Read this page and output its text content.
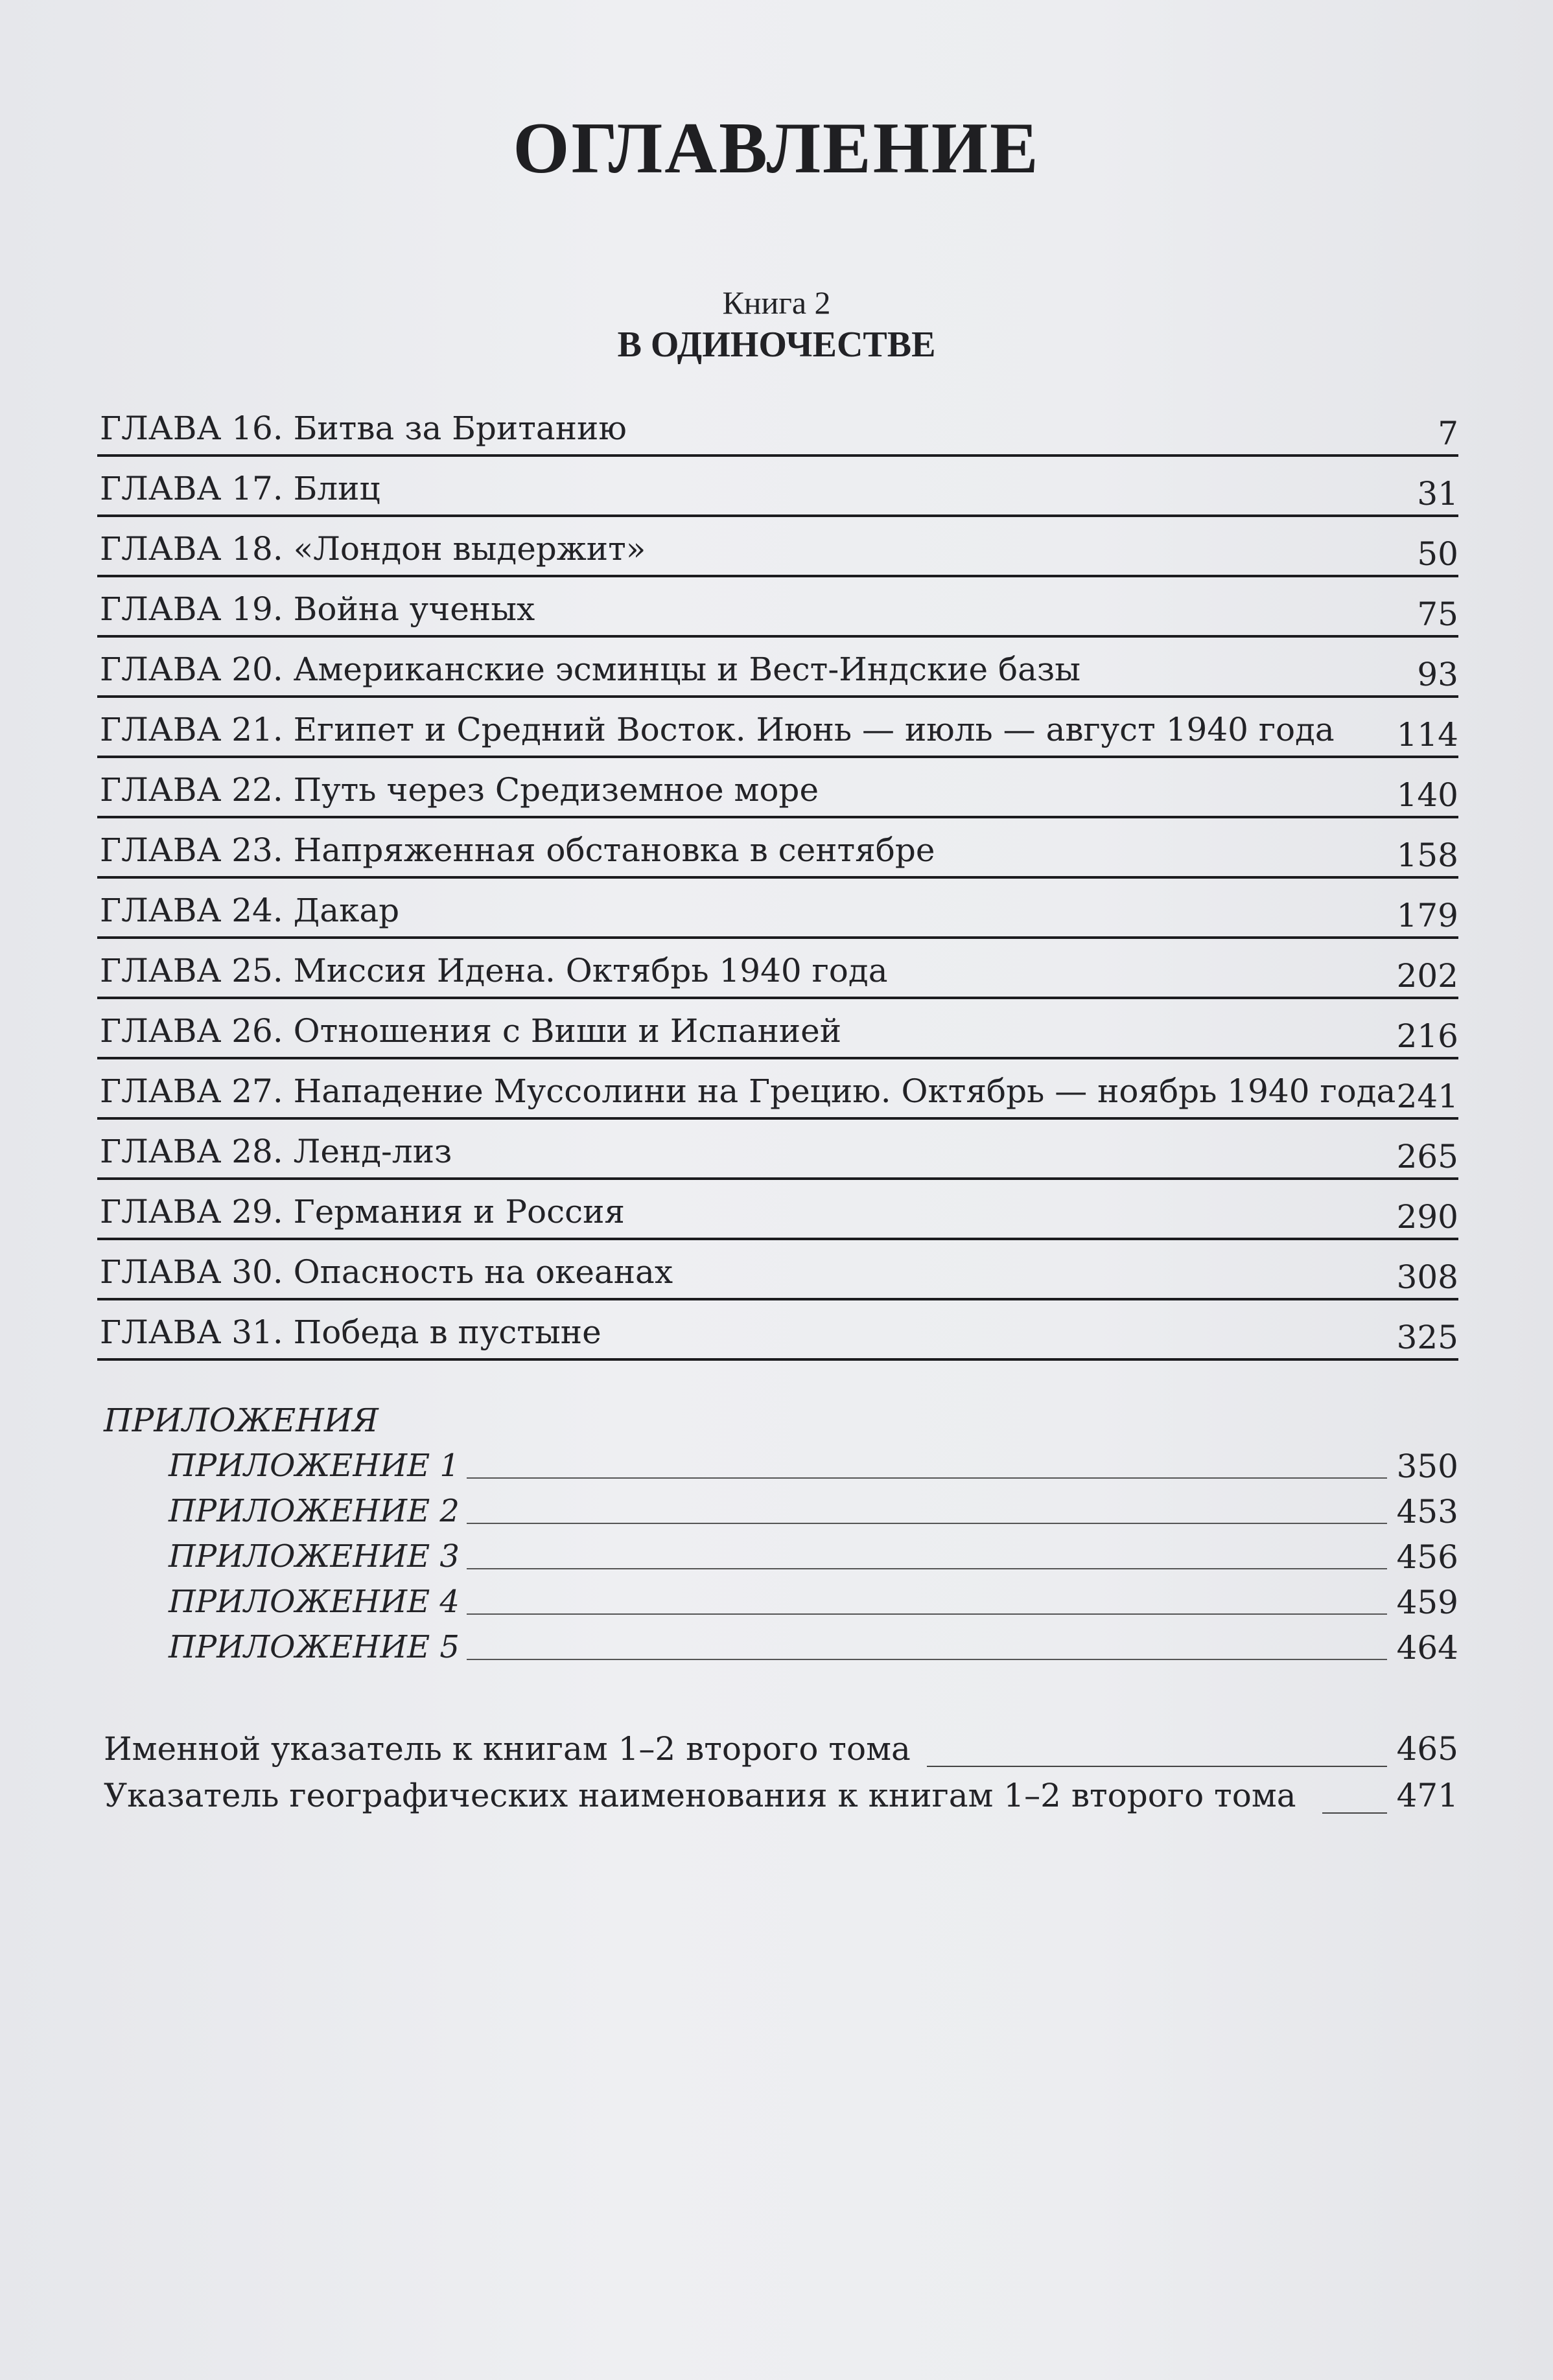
ОГЛАВЛЕНИЕ
Книга 2
В ОДИНОЧЕСТВЕ
ГЛАВА 16. Битва за Британию	7
ГЛАВА 17. Блиц	31
ГЛАВА 18. «Лондон выдержит»	50
ГЛАВА 19. Война ученых	75
ГЛАВА 20. Американские эсминцы и Вест-Индские базы	93
ГЛАВА 21. Египет и Средний Восток. Июнь — июль — август 1940 года 114
ГЛАВА 22. Путь через Средиземное море	140
ГЛАВА 23. Напряженная обстановка в сентябре	158
ГЛАВА 24. Дакар	179
ГЛАВА 25. Миссия Идена. Октябрь 1940 года	202
ГЛАВА 26. Отношения с Виши и Испанией	216
ГЛАВА 27. Нападение Муссолини на Грецию. Октябрь — ноябрь 1940 года 241
ГЛАВА 28. Ленд-лиз	265
ГЛАВА 29. Германия и Россия	290
ГЛАВА 30. Опасность на океанах	308
ГЛАВА 31. Победа в пустыне	325
ПРИЛОЖЕНИЯ
ПРИЛОЖЕНИЕ 1	350
ПРИЛОЖЕНИЕ 2	453
ПРИЛОЖЕНИЕ 3	456
ПРИЛОЖЕНИЕ 4	459
ПРИЛОЖЕНИЕ 5	464
Именной указатель к книгам 1–2 второго тома	465
Указатель географических наименования к книгам 1–2 второго тома	471
